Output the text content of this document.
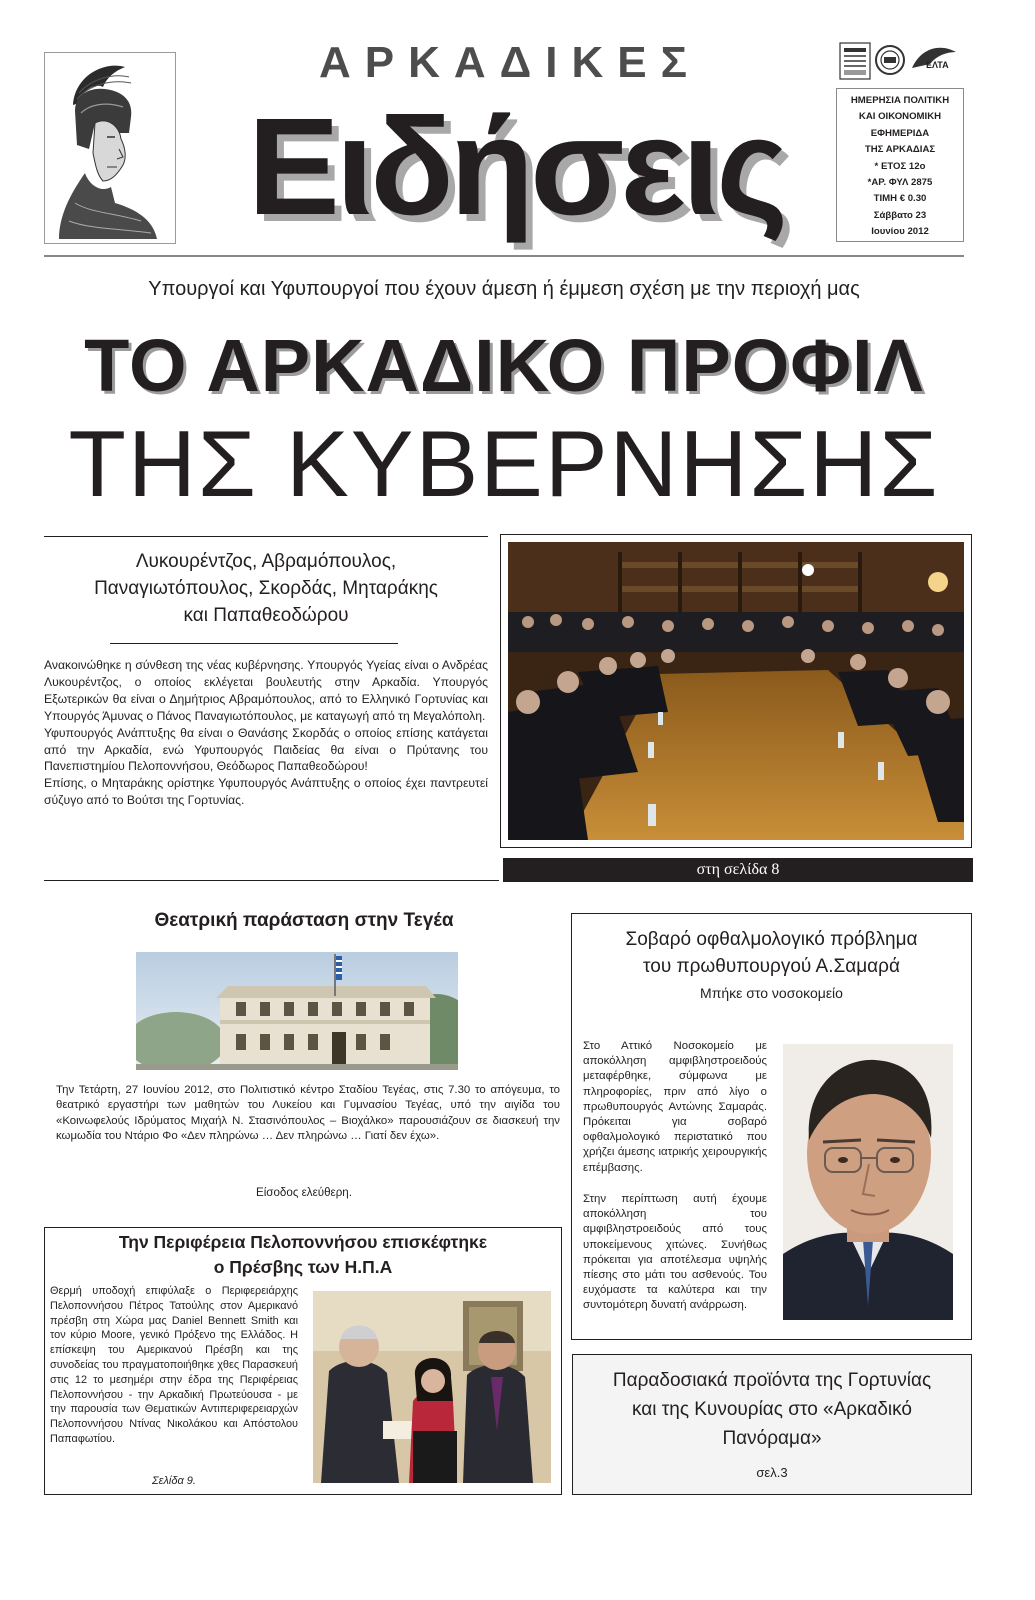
ΑΡΚΑΔΙΚΕΣ
Ειδήσεις
ΕΛΤΑ
ΗΜΕΡΗΣΙΑ ΠΟΛΙΤΙΚΗ
ΚΑΙ ΟΙΚΟΝΟΜΙΚΗ
ΕΦΗΜΕΡΙΔΑ
ΤΗΣ ΑΡΚΑΔΙΑΣ
* ΕΤΟΣ 12ο
*ΑΡ. ΦΥΛ 2875
ΤΙΜΗ € 0.30
Σάββατο 23
Ιουνίου 2012
Υπουργοί και Υφυπουργοί που έχουν άμεση ή έμμεση σχέση με την περιοχή μας
ΤΟ ΑΡΚΑΔΙΚΟ ΠΡΟΦΙΛ
ΤΗΣ ΚΥΒΕΡΝΗΣΗΣ
Λυκουρέντζος, Αβραμόπουλος,
Παναγιωτόπουλος, Σκορδάς, Μηταράκης
και Παπαθεοδώρου
Ανακοινώθηκε η σύνθεση της νέας κυβέρνησης. Υπουργός Υγείας είναι ο Ανδρέας Λυκουρέντζος, ο οποίος εκλέγεται βουλευτής στην Αρκαδία. Υπουργός Εξωτερικών θα είναι ο Δημήτριος Αβραμόπουλος, από το Ελληνικό Γορτυνίας και Υπουργός Άμυνας ο Πάνος Παναγιωτόπουλος, με καταγωγή από τη Μεγαλόπολη.
Υφυπουργός Ανάπτυξης θα είναι ο Θανάσης Σκορδάς ο οποίος επίσης κατάγεται από την Αρκαδία, ενώ Υφυπουργός Παιδείας θα είναι ο Πρύτανης του Πανεπιστημίου Πελοποννήσου, Θεόδωρος Παπαθεοδώρου!
Επίσης, ο Μηταράκης ορίστηκε Υφυπουργός Ανάπτυξης ο οποίος έχει παντρευτεί σύζυγο από το Βούτσι της Γορτυνίας.
στη σελίδα 8
Θεατρική παράσταση στην Τεγέα
Την Τετάρτη, 27 Ιουνίου 2012, στο Πολιτιστικό κέντρο Σταδίου Τεγέας, στις 7.30 το απόγευμα, το θεατρικό εργαστήρι των μαθητών του Λυκείου και Γυμνασίου Τεγέας, υπό την αιγίδα του «Κοινωφελούς Ιδρύματος Μιχαήλ Ν. Στασινόπουλος – Βιοχάλκο» παρουσιάζουν σε διασκευή την κωμωδία του Ντάριο Φο «Δεν πληρώνω … Δεν πληρώνω … Γιατί δεν έχω».
Είσοδος ελεύθερη.
Σοβαρό οφθαλμολογικό πρόβλημα
του πρωθυπουργού Α.Σαμαρά
Μπήκε στο νοσοκομείο
Στο Αττικό Νοσοκομείο με αποκόλληση αμφιβληστροειδούς μεταφέρθηκε, σύμφωνα με πληροφορίες, πριν από λίγο ο πρωθυπουργός Αντώνης Σαμαράς. Πρόκειται για σοβαρό οφθαλμολογικό περιστατικό που χρήζει άμεσης ιατρικής χειρουργικής επέμβασης.
Στην περίπτωση αυτή έχουμε αποκόλληση του αμφιβληστροειδούς από τους υποκείμενους χιτώνες. Συνήθως πρόκειται για αποτέλεσμα υψηλής πίεσης στο μάτι του ασθενούς. Του ευχόμαστε τα καλύτερα και την συντομότερη δυνατή ανάρρωση.
Την Περιφέρεια Πελοποννήσου επισκέφτηκε
ο Πρέσβης των Η.Π.Α
Θερμή υποδοχή επιφύλαξε ο Περιφερειάρχης Πελοποννήσου Πέτρος Τατούλης στον Αμερικανό πρέσβη στη Χώρα μας Daniel Bennett Smith και τον κύριο Moore, γενικό Πρόξενο της Ελλάδος. Η επίσκεψη του Αμερικανού Πρέσβη και της συνοδείας του πραγματοποιήθηκε χθες Παρασκευή στις 12 το μεσημέρι στην έδρα της Περιφέρειας Πελοποννήσου - την Αρκαδική Πρωτεύουσα - με την παρουσία των Θεματικών Αντιπεριφερειαρχών Πελοποννήσου Ντίνας Νικολάκου και Απόστολου Παπαφωτίου.
Σελίδα 9.
Παραδοσιακά προϊόντα της Γορτυνίας
και της Κυνουρίας στο «Αρκαδικό
Πανόραμα»
σελ.3
